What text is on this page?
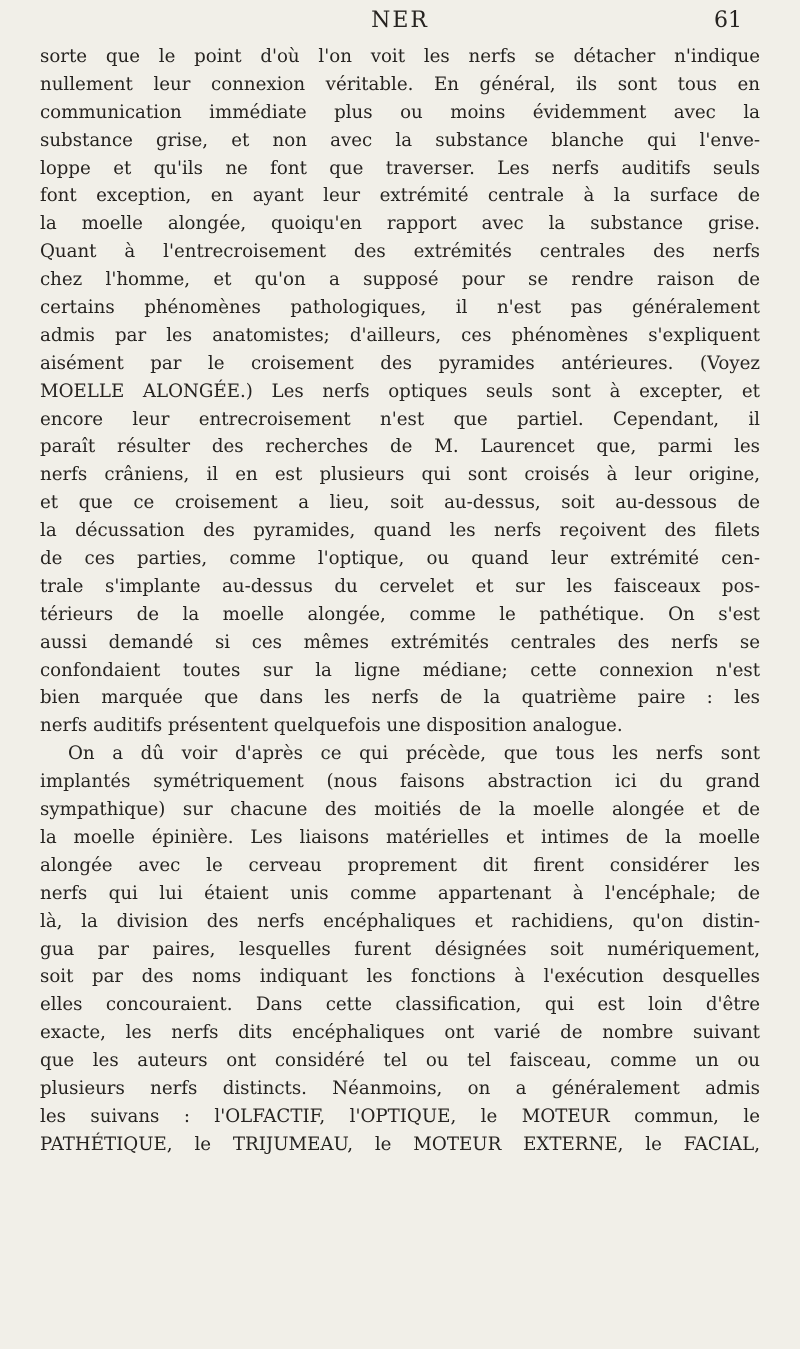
NER	61
sorte que le point d'où l'on voit les nerfs se détacher n'indique
nullement leur connexion véritable. En général, ils sont tous en
communication immédiate plus ou moins évidemment avec la
substance grise, et non avec la substance blanche qui l'enve-
loppe et qu'ils ne font que traverser. Les nerfs auditifs seuls
font exception, en ayant leur extrémité centrale à la surface de
la moelle alongée, quoiqu'en rapport avec la substance grise.
Quant à l'entrecroisement des extrémités centrales des nerfs
chez l'homme, et qu'on a supposé pour se rendre raison de
certains phénomènes pathologiques, il n'est pas généralement
admis par les anatomistes; d'ailleurs, ces phénomènes s'expliquent
aisément par le croisement des pyramides antérieures. (Voyez
MOELLE ALONGÉE.) Les nerfs optiques seuls sont à excepter, et
encore leur entrecroisement n'est que partiel. Cependant, il
paraît résulter des recherches de M. Laurencet que, parmi les
nerfs crâniens, il en est plusieurs qui sont croisés à leur origine,
et que ce croisement a lieu, soit au-dessus, soit au-dessous de
la décussation des pyramides, quand les nerfs reçoivent des filets
de ces parties, comme l'optique, ou quand leur extrémité cen-
trale s'implante au-dessus du cervelet et sur les faisceaux pos-
térieurs de la moelle alongée, comme le pathétique. On s'est
aussi demandé si ces mêmes extrémités centrales des nerfs se
confondaient toutes sur la ligne médiane; cette connexion n'est
bien marquée que dans les nerfs de la quatrième paire : les
nerfs auditifs présentent quelquefois une disposition analogue.
On a dû voir d'après ce qui précède, que tous les nerfs sont
implantés symétriquement (nous faisons abstraction ici du grand
sympathique) sur chacune des moitiés de la moelle alongée et de
la moelle épinière. Les liaisons matérielles et intimes de la moelle
alongée avec le cerveau proprement dit firent considérer les
nerfs qui lui étaient unis comme appartenant à l'encéphale; de
là, la division des nerfs encéphaliques et rachidiens, qu'on distin-
gua par paires, lesquelles furent désignées soit numériquement,
soit par des noms indiquant les fonctions à l'exécution desquelles
elles concouraient. Dans cette classification, qui est loin d'être
exacte, les nerfs dits encéphaliques ont varié de nombre suivant
que les auteurs ont considéré tel ou tel faisceau, comme un ou
plusieurs nerfs distincts. Néanmoins, on a généralement admis
les suivans : l'OLFACTIF, l'OPTIQUE, le MOTEUR commun, le
PATHÉTIQUE, le TRIJUMEAU, le MOTEUR EXTERNE, le FACIAL,
